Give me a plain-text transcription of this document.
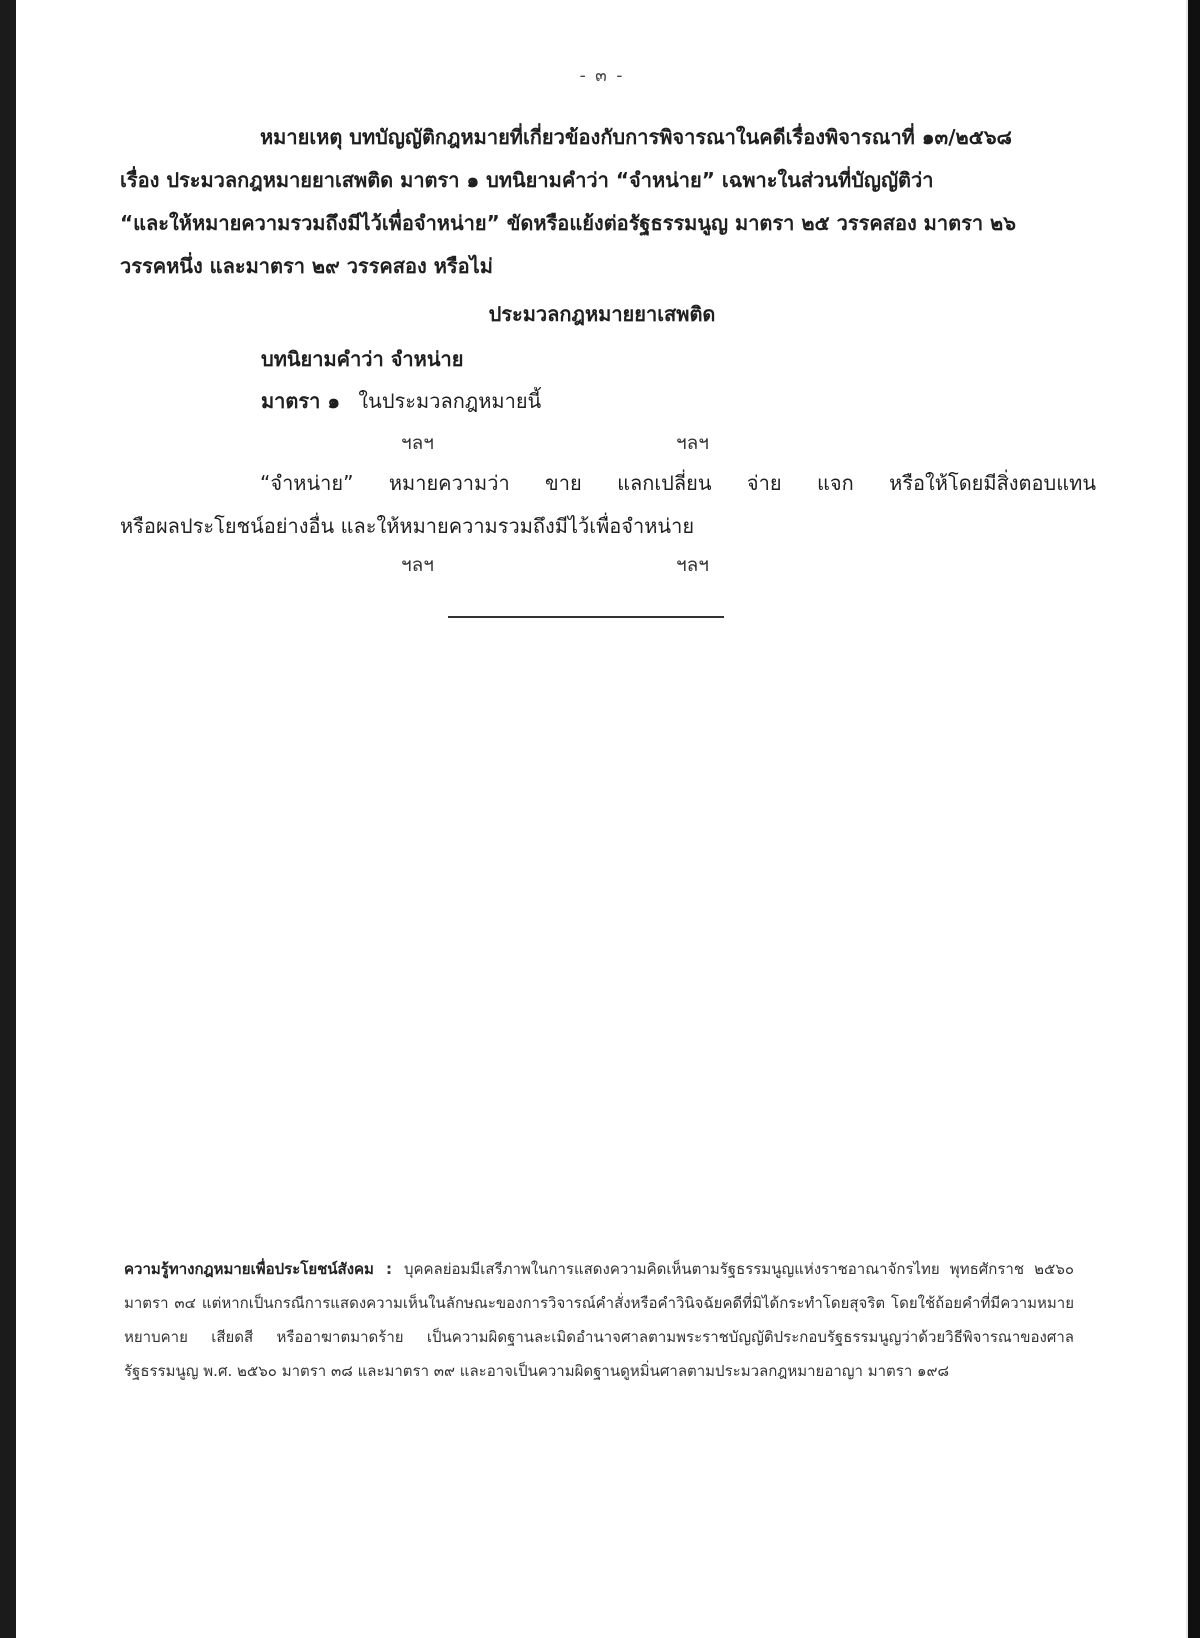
- ๓ -

หมายเหตุ บทบัญญัติกฎหมายที่เกี่ยวข้องกับการพิจารณาในคดีเรื่องพิจารณาที่ ๑๓/๒๕๖๘

เรื่อง ประมวลกฎหมายยาเสพติด มาตรา ๑ บทนิยามคำว่า “จำหน่าย” เฉพาะในส่วนที่บัญญัติว่า

“และให้หมายความรวมถึงมีไว้เพื่อจำหน่าย” ขัดหรือแย้งต่อรัฐธรรมนูญ มาตรา ๒๕ วรรคสอง มาตรา ๒๖

วรรคหนึ่ง และมาตรา ๒๙ วรรคสอง หรือไม่

ประมวลกฎหมายยาเสพติด
บทนิยามคำว่า จำหน่าย
มาตรา ๑ ในประมวลกฎหมายนี้
ฯลฯ	ฯลฯ

“จำหน่าย” หมายความว่า ขาย แลกเปลี่ยน จ่าย แจก หรือให้โดยมีสิ่งตอบแทน

หรือผลประโยชน์อย่างอื่น และให้หมายความรวมถึงมีไว้เพื่อจำหน่าย

ฯลฯ	ฯลฯ

ความรู้ทางกฎหมายเพื่อประโยชน์สังคม : บุคคลย่อมมีเสรีภาพในการแสดงความคิดเห็นตามรัฐธรรมนูญแห่งราชอาณาจักรไทย พุทธศักราช ๒๕๖๐ มาตรา ๓๔ แต่หากเป็นกรณีการแสดงความเห็นในลักษณะของการวิจารณ์คำสั่งหรือคำวินิจฉัยคดีที่มิได้กระทำโดยสุจริต โดยใช้ถ้อยคำที่มีความหมายหยาบคาย เสียดสี หรืออาฆาตมาดร้าย เป็นความผิดฐานละเมิดอำนาจศาลตามพระราชบัญญัติประกอบรัฐธรรมนูญว่าด้วยวิธีพิจารณาของศาลรัฐธรรมนูญ พ.ศ. ๒๕๖๐ มาตรา ๓๘ และมาตรา ๓๙ และอาจเป็นความผิดฐานดูหมิ่นศาลตามประมวลกฎหมายอาญา มาตรา ๑๙๘
